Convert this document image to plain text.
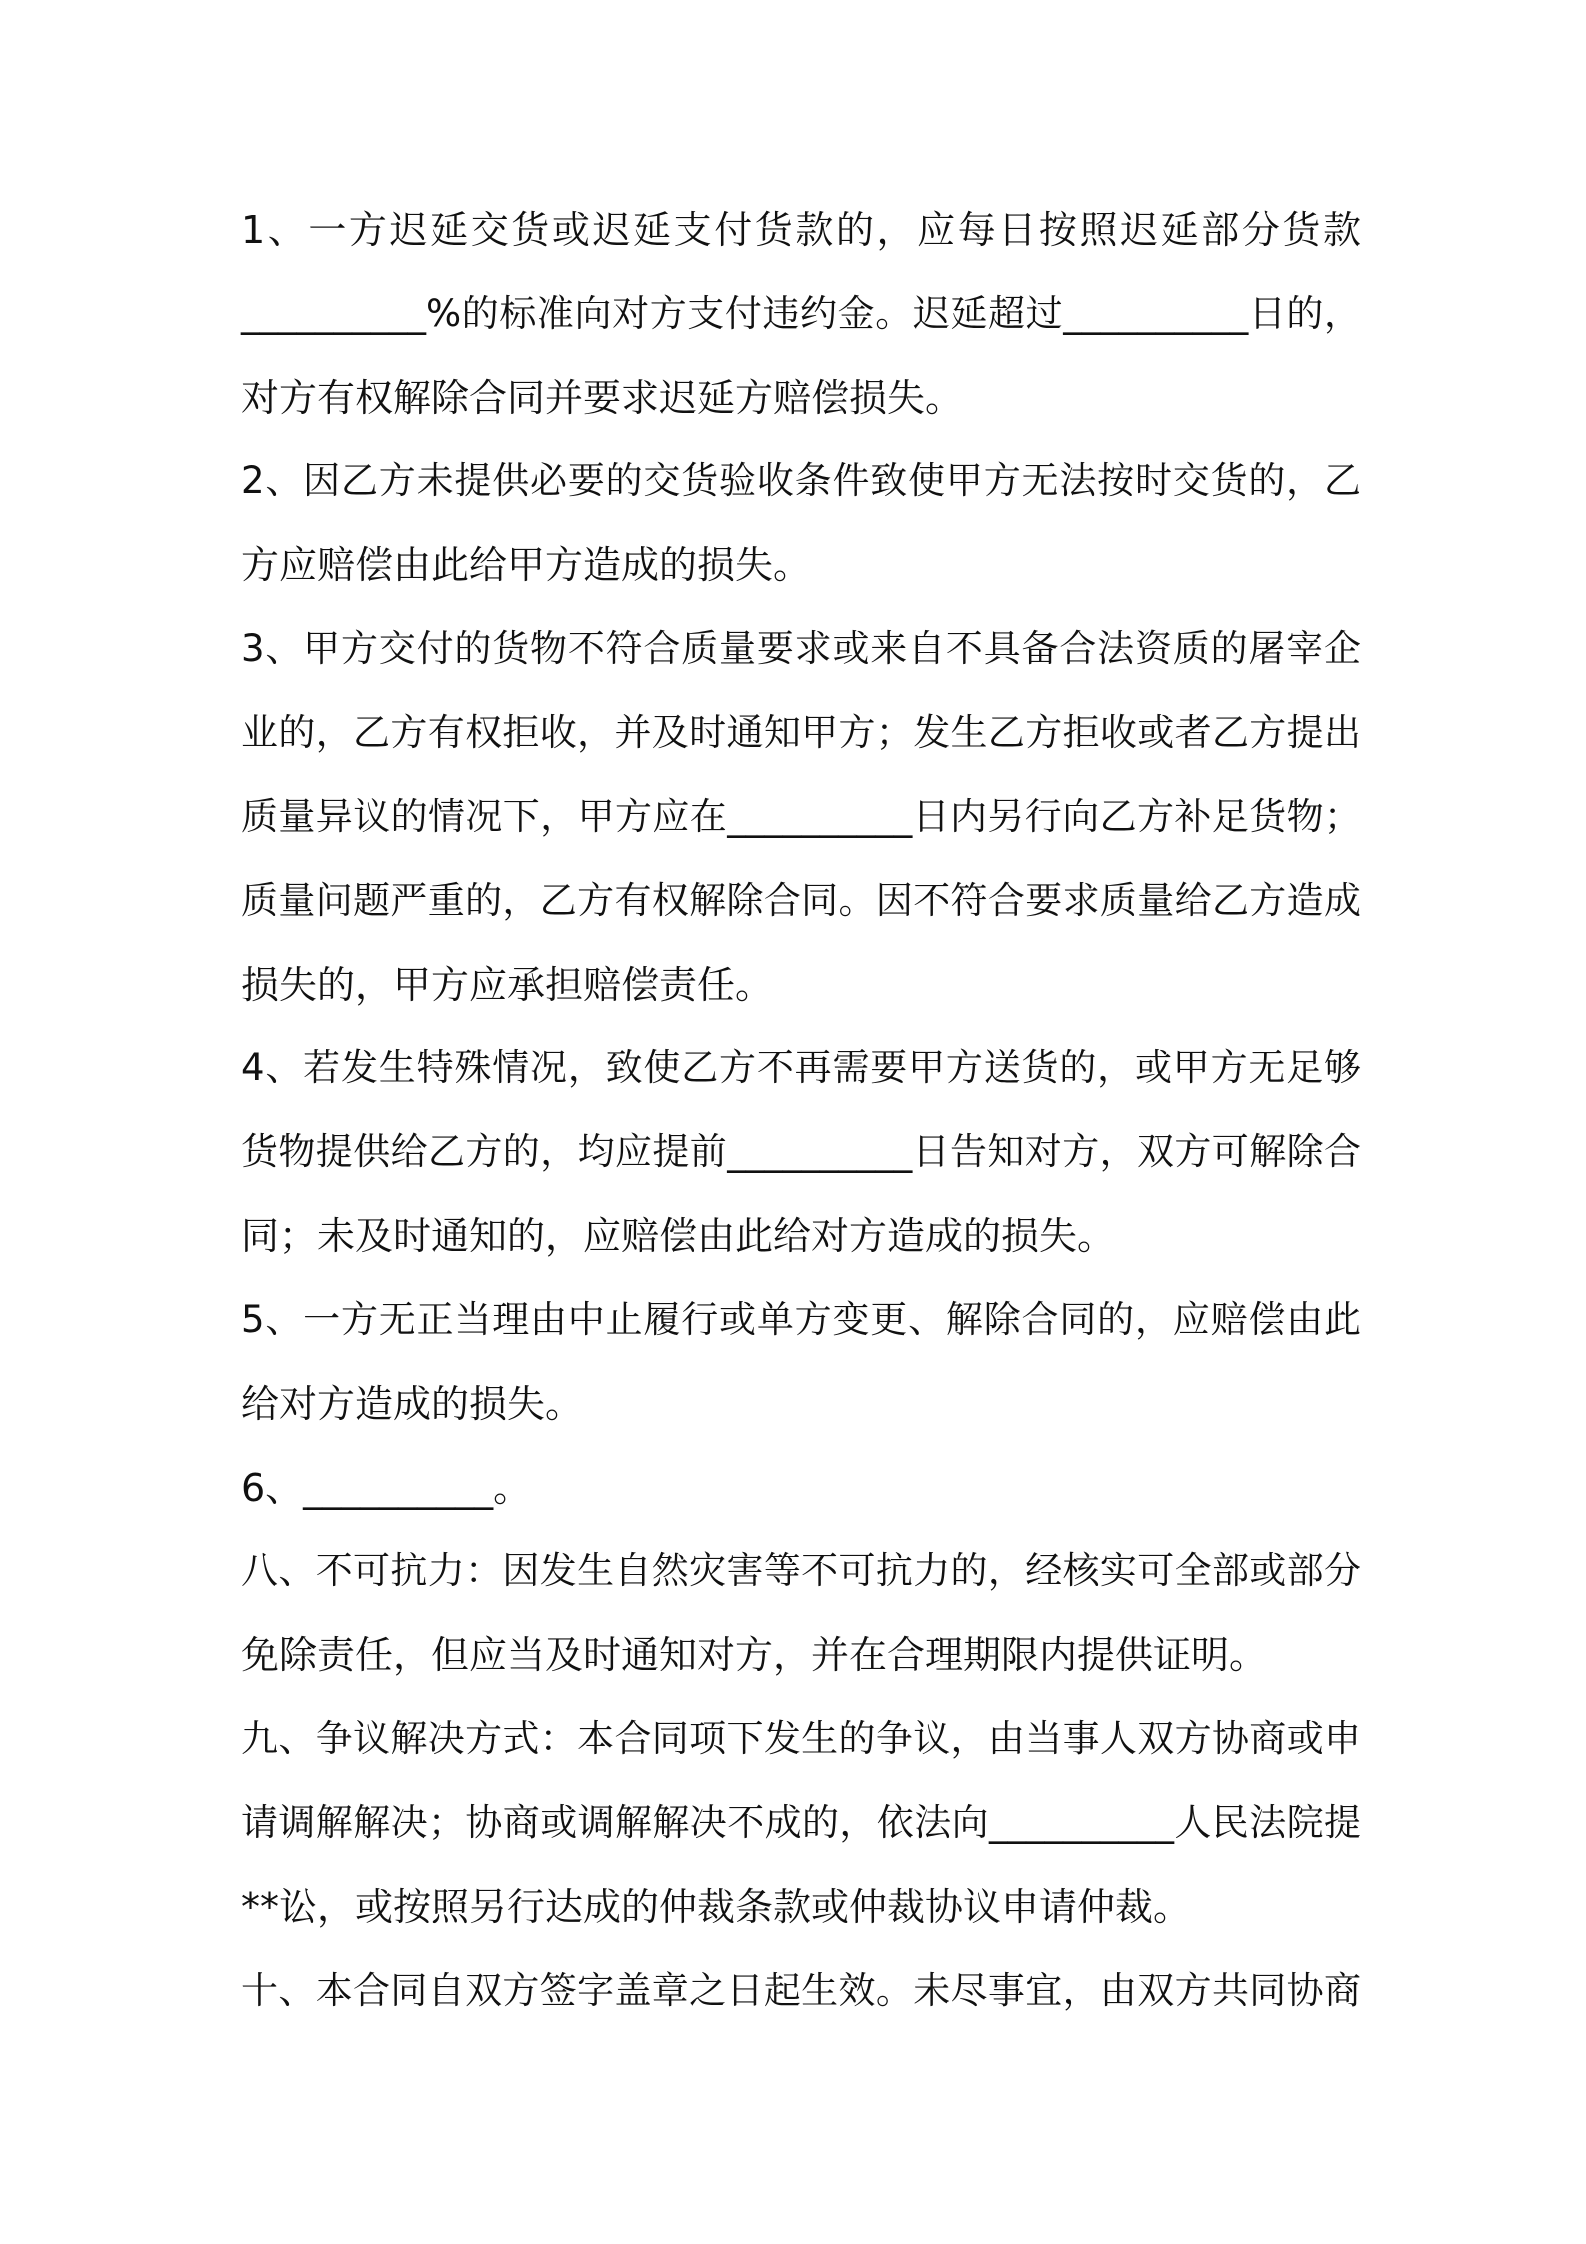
1、一方迟延交货或迟延支付货款的，应每日按照迟延部分货款
__________%的标准向对方支付违约金。迟延超过__________日的，
对方有权解除合同并要求迟延方赔偿损失。
2、因乙方未提供必要的交货验收条件致使甲方无法按时交货的，乙
方应赔偿由此给甲方造成的损失。
3、甲方交付的货物不符合质量要求或来自不具备合法资质的屠宰企
业的，乙方有权拒收，并及时通知甲方；发生乙方拒收或者乙方提出
质量异议的情况下，甲方应在__________日内另行向乙方补足货物；
质量问题严重的，乙方有权解除合同。因不符合要求质量给乙方造成
损失的，甲方应承担赔偿责任。
4、若发生特殊情况，致使乙方不再需要甲方送货的，或甲方无足够
货物提供给乙方的，均应提前__________日告知对方，双方可解除合
同；未及时通知的，应赔偿由此给对方造成的损失。
5、一方无正当理由中止履行或单方变更、解除合同的，应赔偿由此
给对方造成的损失。
6、__________。
八、不可抗力：因发生自然灾害等不可抗力的，经核实可全部或部分
免除责任，但应当及时通知对方，并在合理期限内提供证明。
九、争议解决方式：本合同项下发生的争议，由当事人双方协商或申
请调解解决；协商或调解解决不成的，依法向__________人民法院提
**讼，或按照另行达成的仲裁条款或仲裁协议申请仲裁。
十、本合同自双方签字盖章之日起生效。未尽事宜，由双方共同协商
